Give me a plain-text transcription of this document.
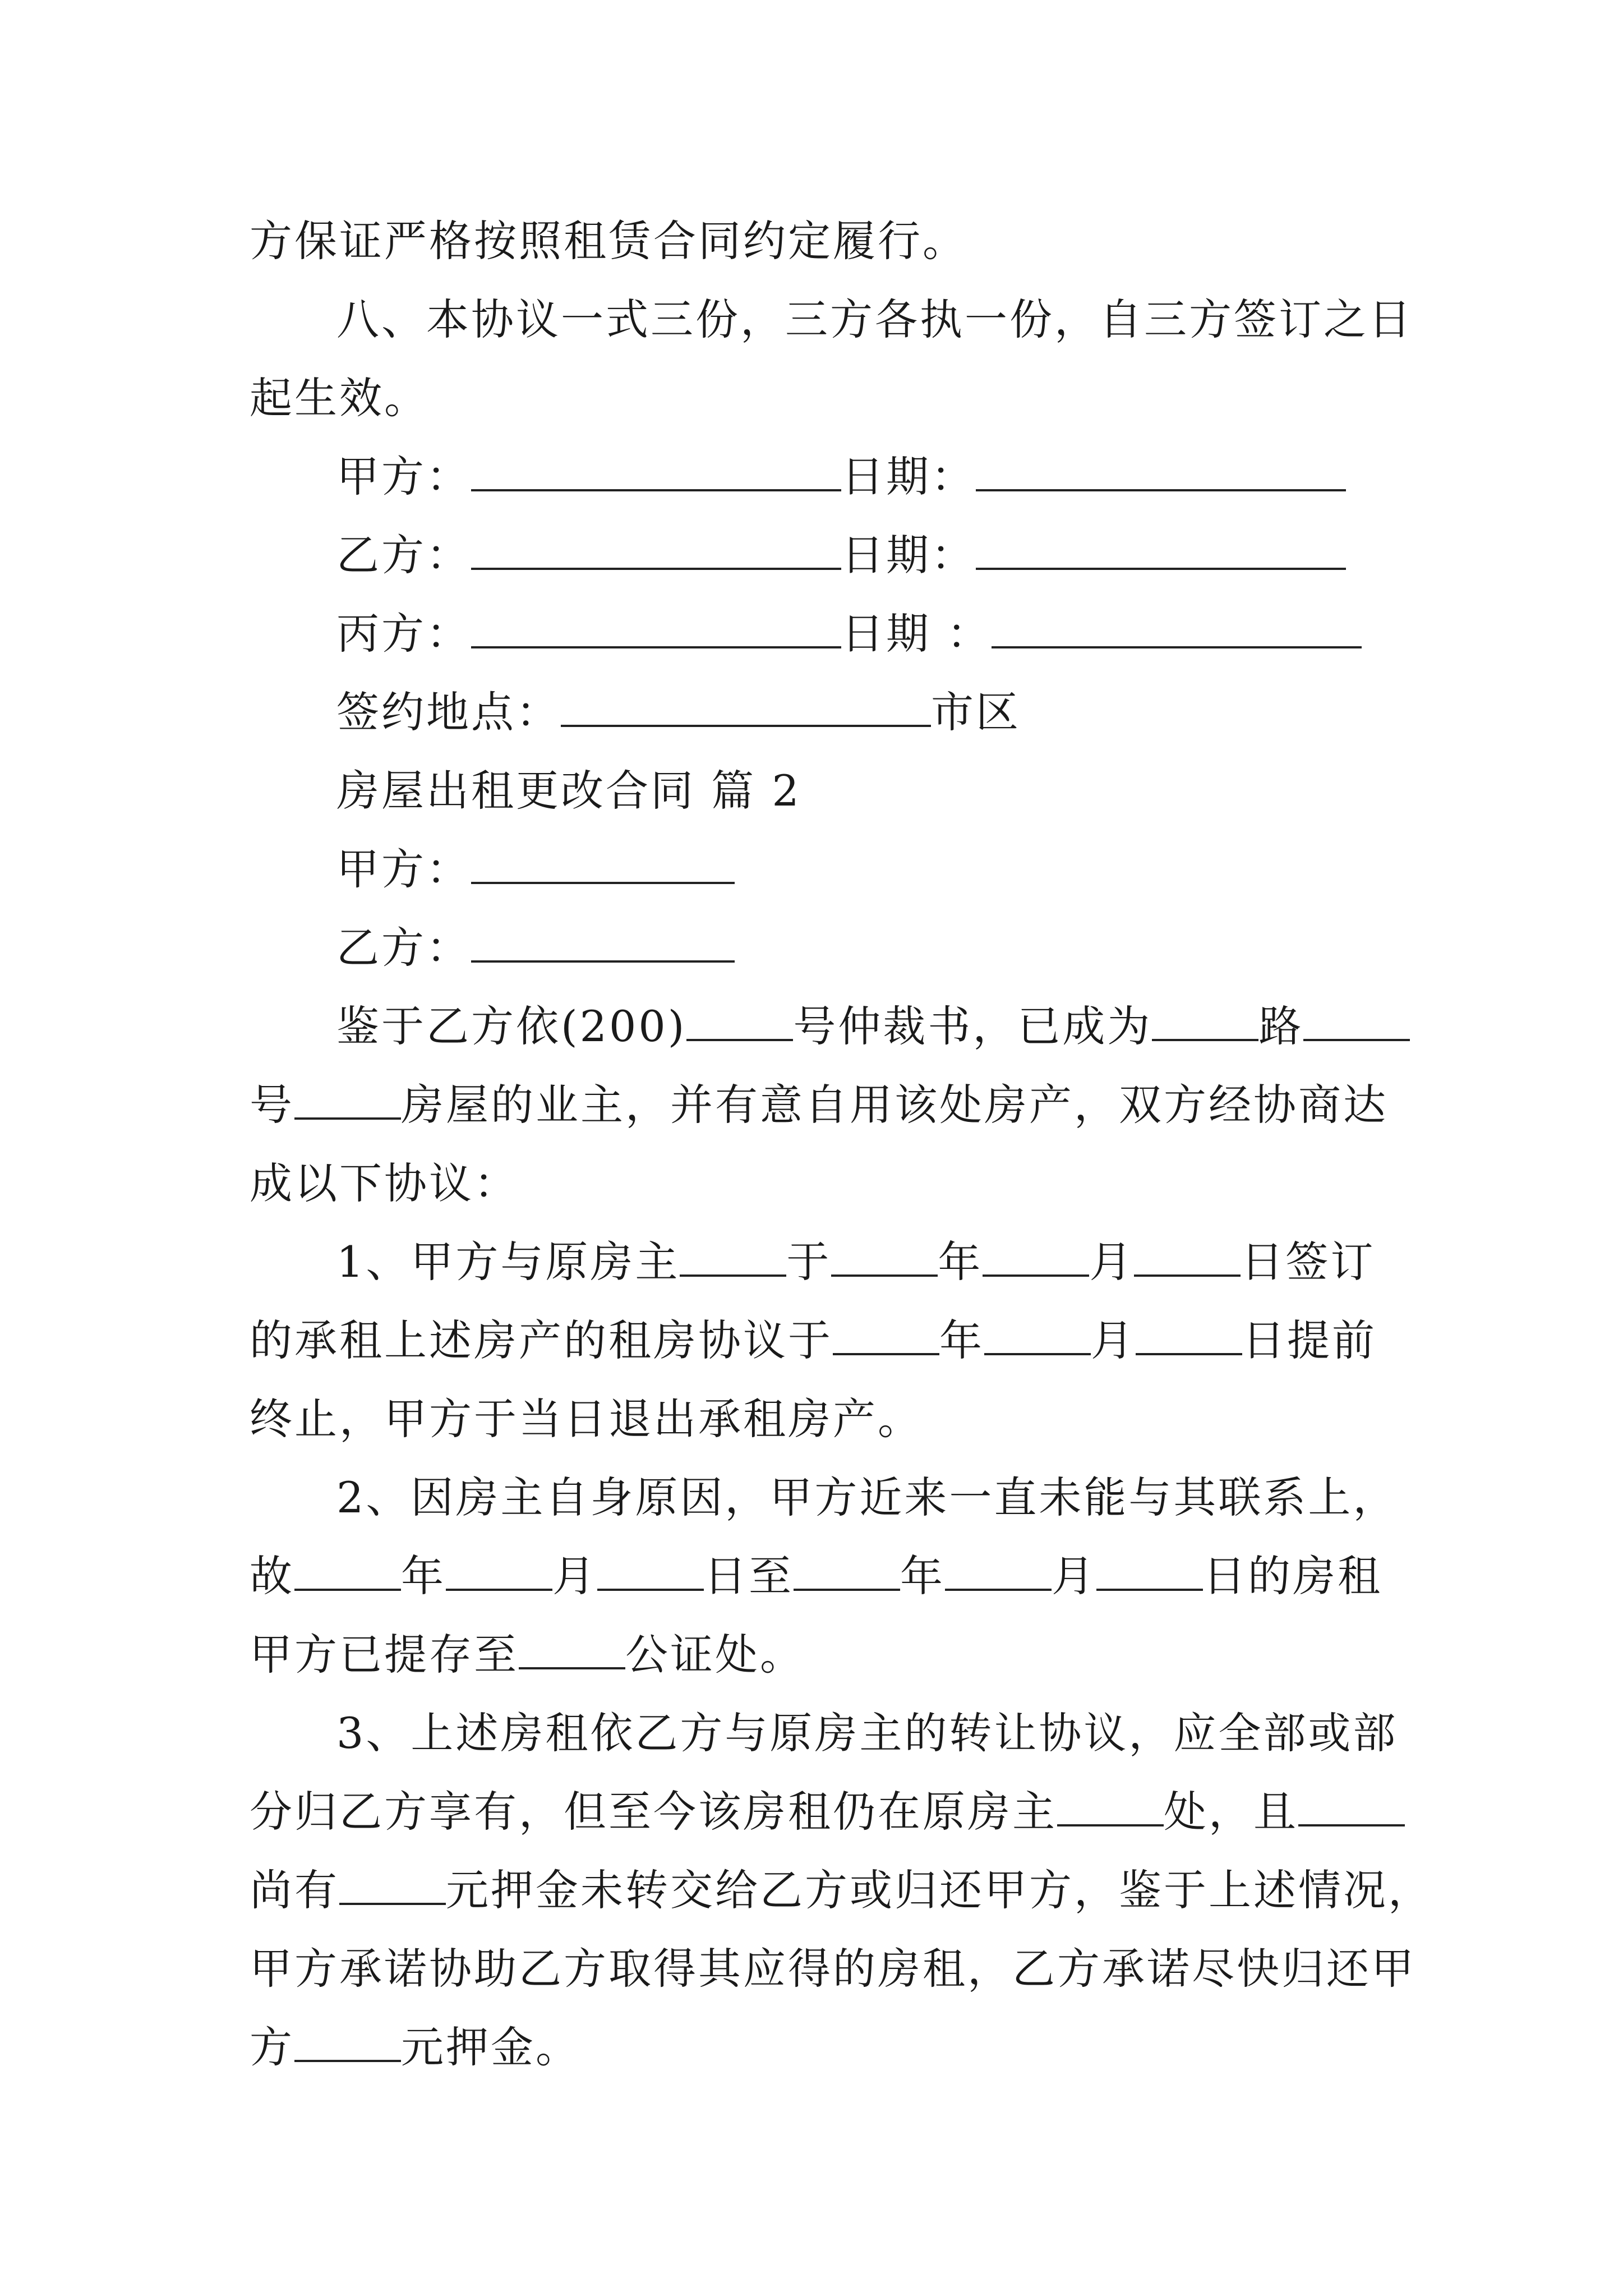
方保证严格按照租赁合同约定履行。
八、本协议一式三份，三方各执一份，自三方签订之日
起生效。
甲方：	日期：
乙方：	日期：
丙方：	日期 ：
签约地点：	市区
房屋出租更改合同 篇 2
甲方：
乙方：
鉴于乙方依(200)	号仲裁书，已成为	路
号	房屋的业主，并有意自用该处房产，双方经协商达
成以下协议：
1、甲方与原房主	于	年	月	日签订
的承租上述房产的租房协议于	年	月	日提前
终止，甲方于当日退出承租房产。
2、因房主自身原因，甲方近来一直未能与其联系上，
故	年	月	日至	年	月	日的房租
甲方已提存至	公证处。
3、上述房租依乙方与原房主的转让协议，应全部或部
分归乙方享有，但至今该房租仍在原房主	处，且
尚有	元押金未转交给乙方或归还甲方，鉴于上述情况，
甲方承诺协助乙方取得其应得的房租，乙方承诺尽快归还甲
方	元押金。
